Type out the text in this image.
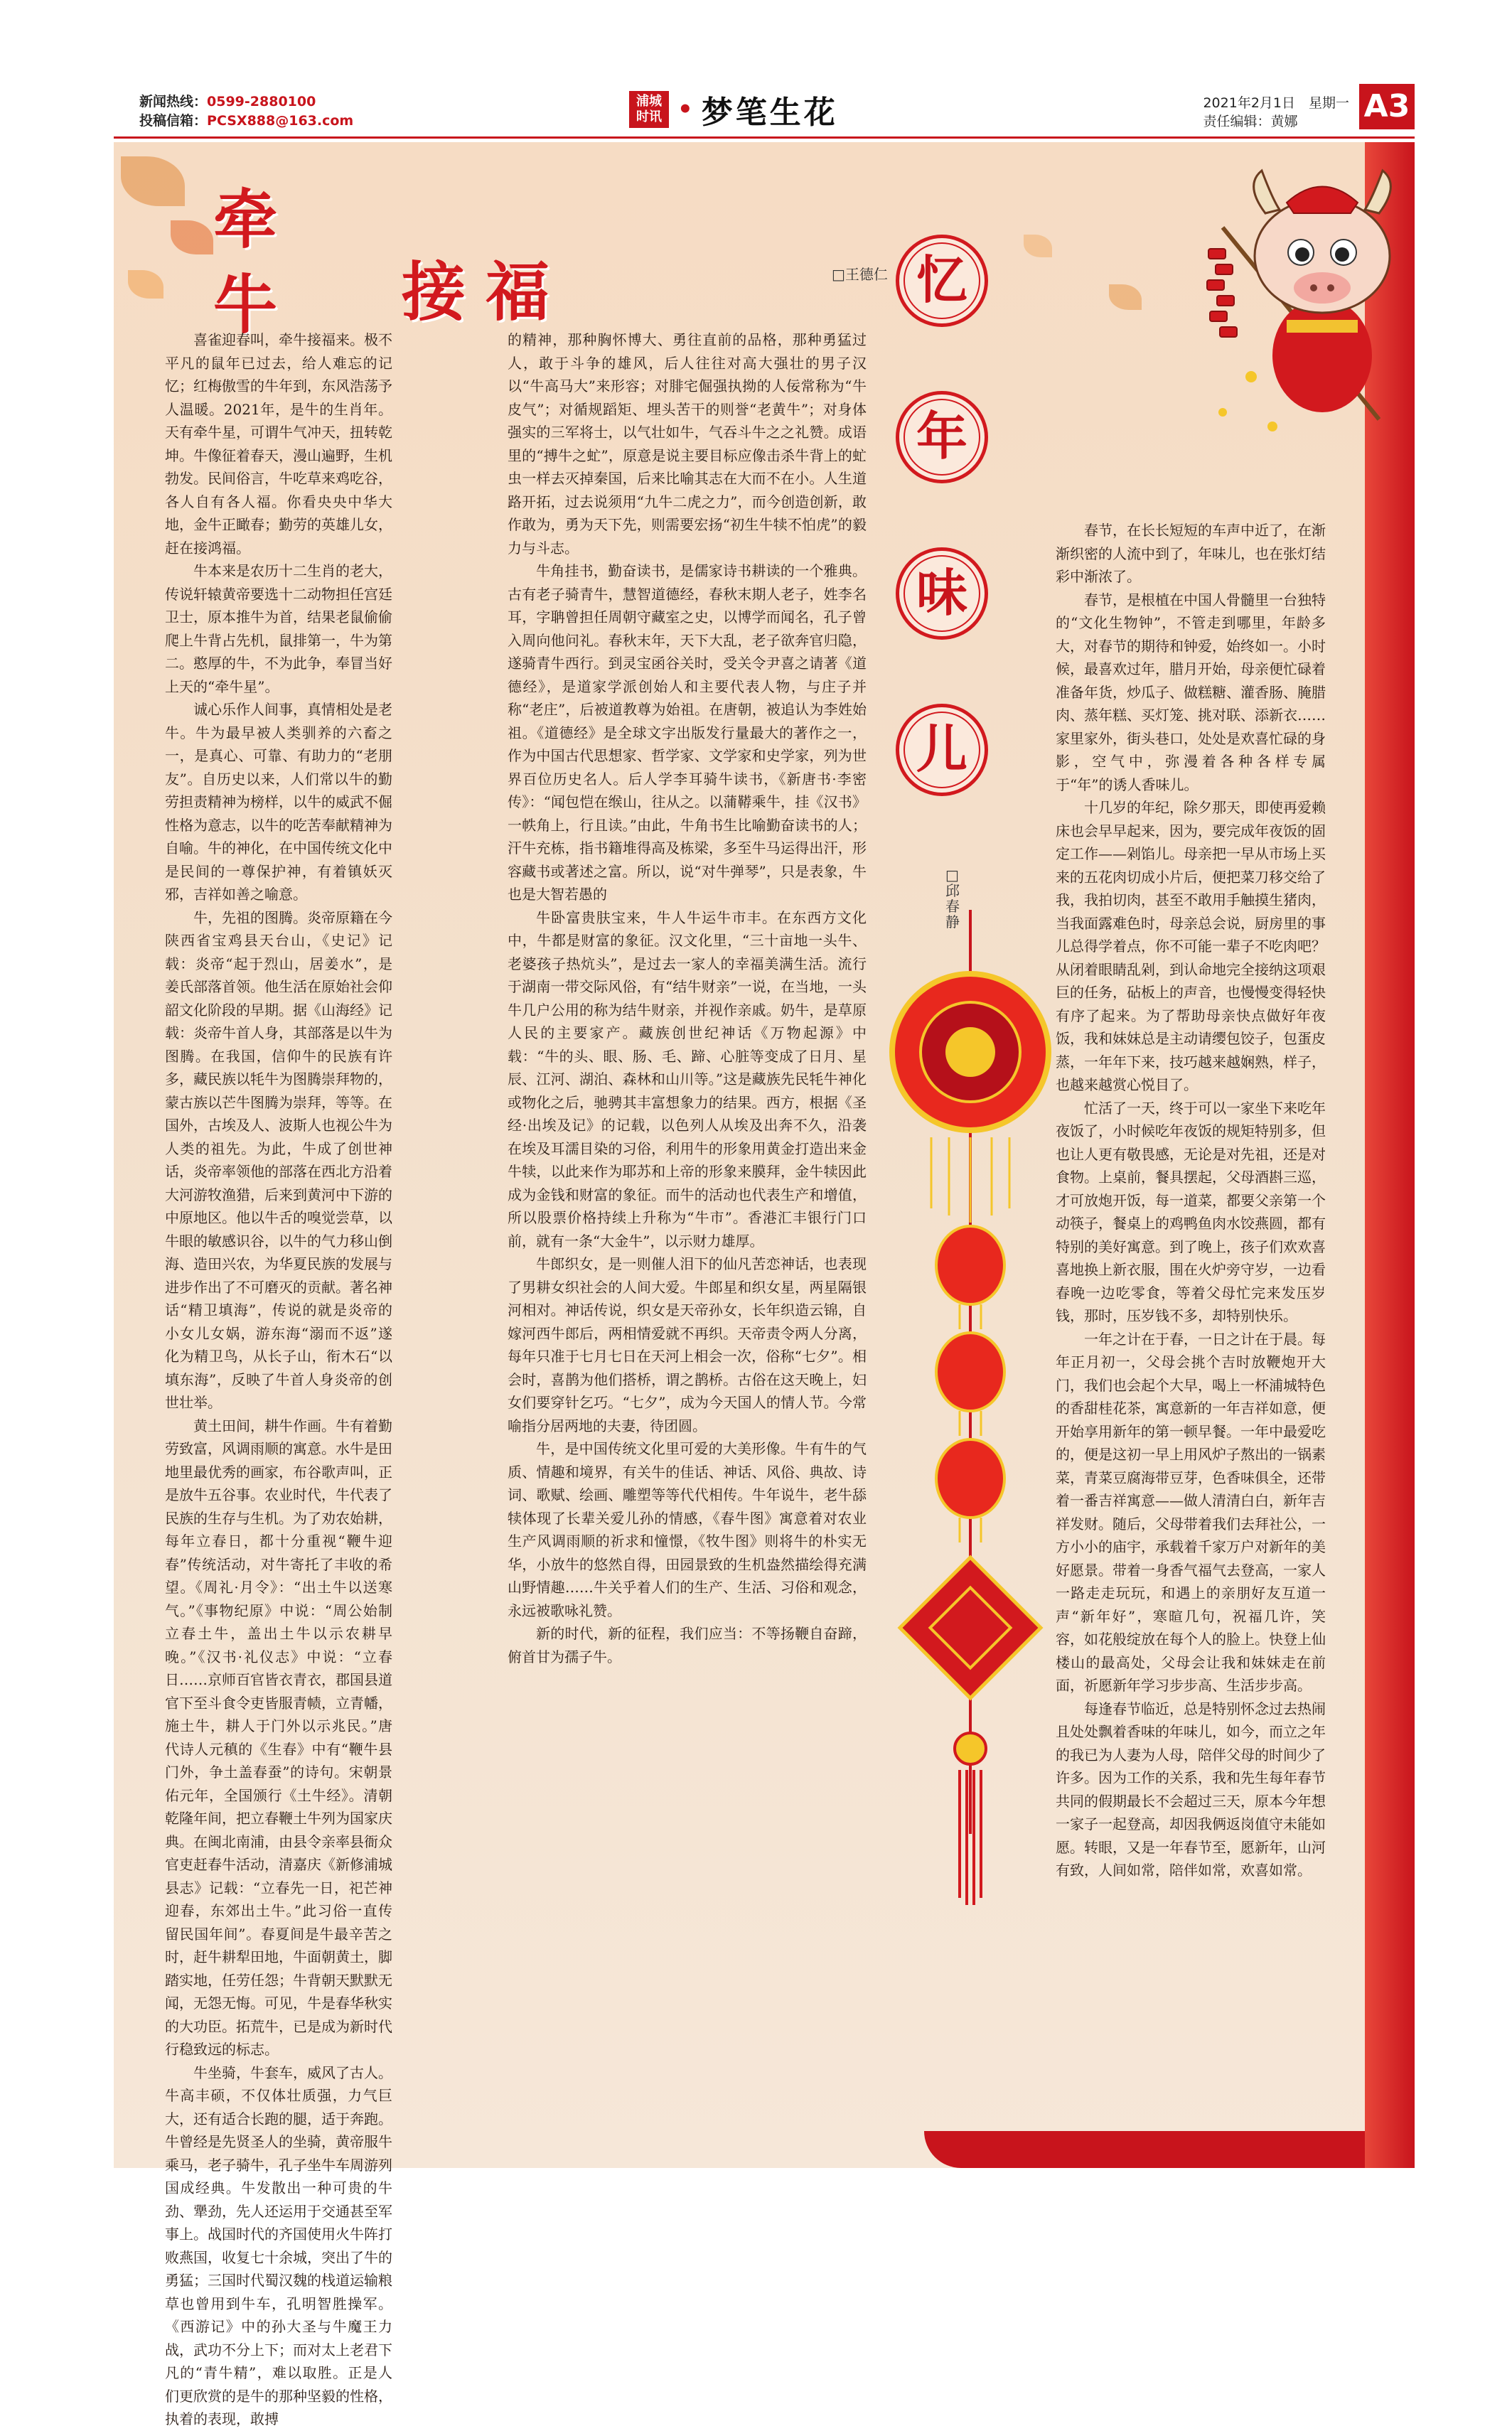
新闻热线：0599-2880100
投稿信箱：PCSX888@163.com
浦城
时讯 • 梦笔生花	2021年2月1日　星期一
责任编辑：黄娜	A3
牵牛	接福	□王德仁

喜雀迎春叫，牵牛接福来。极不平凡的鼠年已过去，给人难忘的记忆；红梅傲雪的牛年到，东风浩荡予人温暖。2021年，是牛的生肖年。天有牵牛星，可谓牛气冲天，扭转乾坤。牛像征着春天，漫山遍野，生机勃发。民间俗言，牛吃草来鸡吃谷，各人自有各人福。你看央央中华大地，金牛正瞰春；勤劳的英雄儿女，赶在接鸿福。

牛本来是农历十二生肖的老大，传说轩辕黄帝要选十二动物担任宫廷卫士，原本推牛为首，结果老鼠偷偷爬上牛背占先机，鼠排第一，牛为第二。憨厚的牛，不为此争，奉冒当好上天的“牵牛星”。

诚心乐作人间事，真情相处是老牛。牛为最早被人类驯养的六畜之一，是真心、可靠、有助力的“老朋友”。自历史以来，人们常以牛的勤劳担责精神为榜样，以牛的威武不倔性格为意志，以牛的吃苦奉献精神为自喻。牛的神化，在中国传统文化中是民间的一尊保护神，有着镇妖灭邪，吉祥如善之喻意。

牛，先祖的图腾。炎帝原籍在今陕西省宝鸡县天台山，《史记》记载：炎帝“起于烈山，居姜水”，是姜氏部落首领。他生活在原始社会仰韶文化阶段的早期。据《山海经》记载：炎帝牛首人身，其部落是以牛为图腾。在我国，信仰牛的民族有许多，藏民族以牦牛为图腾崇拜物的，蒙古族以芒牛图腾为崇拜，等等。在国外，古埃及人、波斯人也视公牛为人类的祖先。为此，牛成了创世神话，炎帝率领他的部落在西北方沿着大河游牧渔猎，后来到黄河中下游的中原地区。他以牛舌的嗅觉尝草，以牛眼的敏感识谷，以牛的气力移山倒海、造田兴农，为华夏民族的发展与进步作出了不可磨灭的贡献。著名神话“精卫填海”，传说的就是炎帝的小女儿女娲，游东海“溺而不返”遂化为精卫鸟，从长子山，衔木石“以填东海”，反映了牛首人身炎帝的创世壮举。

黄土田间，耕牛作画。牛有着勤劳致富，风调雨顺的寓意。水牛是田地里最优秀的画家，布谷歌声叫，正是放牛五谷事。农业时代，牛代表了民族的生存与生机。为了劝农始耕，每年立春日，都十分重视“鞭牛迎春”传统活动，对牛寄托了丰收的希望。《周礼·月令》：“出土牛以送寒气。”《事物纪原》中说：“周公始制立春土牛，盖出土牛以示农耕早晚。”《汉书·礼仪志》中说：“立春日……京师百官皆衣青衣，郡国县道官下至斗食令吏皆服青帻，立青幡，施土牛，耕人于门外以示兆民。”唐代诗人元稹的《生春》中有“鞭牛县门外，争土盖春蚕”的诗句。宋朝景佑元年，全国颁行《土牛经》。清朝乾隆年间，把立春鞭土牛列为国家庆典。在闽北南浦，由县令亲率县衙众官吏赶春牛活动，清嘉庆《新修浦城县志》记载：“立春先一日，祀芒神迎春，东郊出土牛。”此习俗一直传留民国年间”。春夏间是牛最辛苦之时，赶牛耕犁田地，牛面朝黄土，脚踏实地，任劳任怨；牛背朝天默默无闻，无怨无悔。可见，牛是春华秋实的大功臣。拓荒牛，已是成为新时代行稳致远的标志。

牛坐骑，牛套车，威风了古人。牛高丰硕，不仅体壮质强，力气巨大，还有适合长跑的腿，适于奔跑。牛曾经是先贤圣人的坐骑，黄帝服牛乘马，老子骑牛，孔子坐牛车周游列国成经典。牛发散出一种可贵的牛劲、犟劲，先人还运用于交通甚至军事上。战国时代的齐国使用火牛阵打败燕国，收复七十余城，突出了牛的勇猛；三国时代蜀汉魏的栈道运输粮草也曾用到牛车，孔明智胜操军。《西游记》中的孙大圣与牛魔王力战，武功不分上下；而对太上老君下凡的“青牛精”，难以取胜。正是人们更欣赏的是牛的那种坚毅的性格，执着的表现，敢搏

的精神，那种胸怀博大、勇往直前的品格，那种勇猛过人，敢于斗争的雄风，后人往往对高大强壮的男子汉以“牛高马大”来形容；对腓宅倔强执拗的人佞常称为“牛皮气”；对循规蹈矩、埋头苦干的则誉“老黄牛”；对身体强实的三军将士，以气壮如牛，气吞斗牛之之礼赞。成语里的“搏牛之虻”，原意是说主要目标应像击杀牛背上的虻虫一样去灭掉秦国，后来比喻其志在大而不在小。人生道路开拓，过去说须用“九牛二虎之力”，而今创造创新，敢作敢为，勇为天下先，则需要宏扬“初生牛犊不怕虎”的毅力与斗志。

牛角挂书，勤奋读书，是儒家诗书耕读的一个雅典。古有老子骑青牛，慧智道德经，春秋末期人老子，姓李名耳，字聃曾担任周朝守藏室之史，以博学而闻名，孔子曾入周向他问礼。春秋末年，天下大乱，老子欲奔官归隐，遂骑青牛西行。到灵宝函谷关时，受关令尹喜之请著《道德经》，是道家学派创始人和主要代表人物，与庄子并称“老庄”，后被道教尊为始祖。在唐朝，被追认为李姓始祖。《道德经》是全球文字出版发行量最大的著作之一，作为中国古代思想家、哲学家、文学家和史学家，列为世界百位历史名人。后人学李耳骑牛读书，《新唐书·李密传》：“闻包恺在缑山，往从之。以蒲鞯乘牛，挂《汉书》一帙角上，行且读。”由此，牛角书生比喻勤奋读书的人；汗牛充栋，指书籍堆得高及栋梁，多至牛马运得出汗，形容藏书或著述之富。所以，说“对牛弹琴”，只是表象，牛也是大智若愚的

牛卧富贵肤宝来，牛人牛运牛市丰。在东西方文化中，牛都是财富的象征。汉文化里，“三十亩地一头牛、老婆孩子热炕头”，是过去一家人的幸福美满生活。流行于湖南一带交际风俗，有“结牛财亲”一说，在当地，一头牛几户公用的称为结牛财亲，并视作亲戚。奶牛，是草原人民的主要家产。藏族创世纪神话《万物起源》中载：“牛的头、眼、肠、毛、蹄、心脏等变成了日月、星辰、江河、湖泊、森林和山川等。”这是藏族先民牦牛神化或物化之后，驰骋其丰富想象力的结果。西方，根据《圣经·出埃及记》的记载，以色列人从埃及出奔不久，沿袭在埃及耳濡目染的习俗，利用牛的形象用黄金打造出来金牛犊，以此来作为耶苏和上帝的形象来膜拜，金牛犊因此成为金钱和财富的象征。而牛的活动也代表生产和增值，所以股票价格持续上升称为“牛市”。香港汇丰银行门口前，就有一条“大金牛”，以示财力雄厚。

牛郎织女，是一则催人泪下的仙凡苦恋神话，也表现了男耕女织社会的人间大爱。牛郎星和织女星，两星隔银河相对。神话传说，织女是天帝孙女，长年织造云锦，自嫁河西牛郎后，两相情爱就不再织。天帝责令两人分离，每年只准于七月七日在天河上相会一次，俗称“七夕”。相会时，喜鹊为他们搭桥，谓之鹊桥。古俗在这天晚上，妇女们要穿针乞巧。“七夕”，成为今天国人的情人节。今常喻指分居两地的夫妻，待团圆。

牛，是中国传统文化里可爱的大美形像。牛有牛的气质、情趣和境界，有关牛的佳话、神话、风俗、典故、诗词、歌赋、绘画、雕塑等等代代相传。牛年说牛，老牛舔犊体现了长辈关爱儿孙的情感，《春牛图》寓意着对农业生产风调雨顺的祈求和憧憬，《牧牛图》则将牛的朴实无华，小放牛的悠然自得，田园景致的生机盎然描绘得充满山野情趣……牛关乎着人们的生产、生活、习俗和观念，永远被歌咏礼赞。

新的时代，新的征程，我们应当：不等扬鞭自奋蹄，俯首甘为孺子牛。

忆
年
味
儿
□邱春静

春节，在长长短短的车声中近了，在渐渐织密的人流中到了，年味儿，也在张灯结彩中渐浓了。

春节，是根植在中国人骨髓里一台独特的“文化生物钟”，不管走到哪里，年龄多大，对春节的期待和钟爱，始终如一。小时候，最喜欢过年，腊月开始，母亲便忙碌着准备年货，炒瓜子、做糕糖、灌香肠、腌腊肉、蒸年糕、买灯笼、挑对联、添新衣……家里家外，街头巷口，处处是欢喜忙碌的身影，空气中，弥漫着各种各样专属于“年”的诱人香味儿。

十几岁的年纪，除夕那天，即使再爱赖床也会早早起来，因为，要完成年夜饭的固定工作——剁馅儿。母亲把一早从市场上买来的五花肉切成小片后，便把菜刀移交给了我，我拍切肉，甚至不敢用手触摸生猪肉，当我面露难色时，母亲总会说，厨房里的事儿总得学着点，你不可能一辈子不吃肉吧？从闭着眼睛乱剁，到认命地完全接纳这项艰巨的任务，砧板上的声音，也慢慢变得轻快有序了起来。为了帮助母亲快点做好年夜饭，我和妹妹总是主动请缨包饺子，包蛋皮蒸，一年年下来，技巧越来越娴熟，样子，也越来越赏心悦目了。

忙活了一天，终于可以一家坐下来吃年夜饭了，小时候吃年夜饭的规矩特别多，但也让人更有敬畏感，无论是对先祖，还是对食物。上桌前，餐具摆起，父母酒斟三巡，才可放炮开饭，每一道菜，都要父亲第一个动筷子，餐桌上的鸡鸭鱼肉水饺燕圆，都有特别的美好寓意。到了晚上，孩子们欢欢喜喜地换上新衣服，围在火炉旁守岁，一边看春晚一边吃零食，等着父母忙完来发压岁钱，那时，压岁钱不多，却特别快乐。

一年之计在于春，一日之计在于晨。每年正月初一，父母会挑个吉时放鞭炮开大门，我们也会起个大早，喝上一杯浦城特色的香甜桂花茶，寓意新的一年吉祥如意，便开始享用新年的第一顿早餐。一年中最爱吃的，便是这初一早上用风炉子熬出的一锅素菜，青菜豆腐海带豆芽，色香味俱全，还带着一番吉祥寓意——做人清清白白，新年吉祥发财。随后，父母带着我们去拜社公，一方小小的庙宇，承载着千家万户对新年的美好愿景。带着一身香气福气去登高，一家人一路走走玩玩，和遇上的亲朋好友互道一声“新年好”，寒暄几句，祝福几许，笑容，如花般绽放在每个人的脸上。快登上仙楼山的最高处，父母会让我和妹妹走在前面，祈愿新年学习步步高、生活步步高。

每逢春节临近，总是特别怀念过去热闹且处处飘着香味的年味儿，如今，而立之年的我已为人妻为人母，陪伴父母的时间少了许多。因为工作的关系，我和先生每年春节共同的假期最长不会超过三天，原本今年想一家子一起登高，却因我俩返岗值守未能如愿。转眼，又是一年春节至，愿新年，山河有致，人间如常，陪伴如常，欢喜如常。
